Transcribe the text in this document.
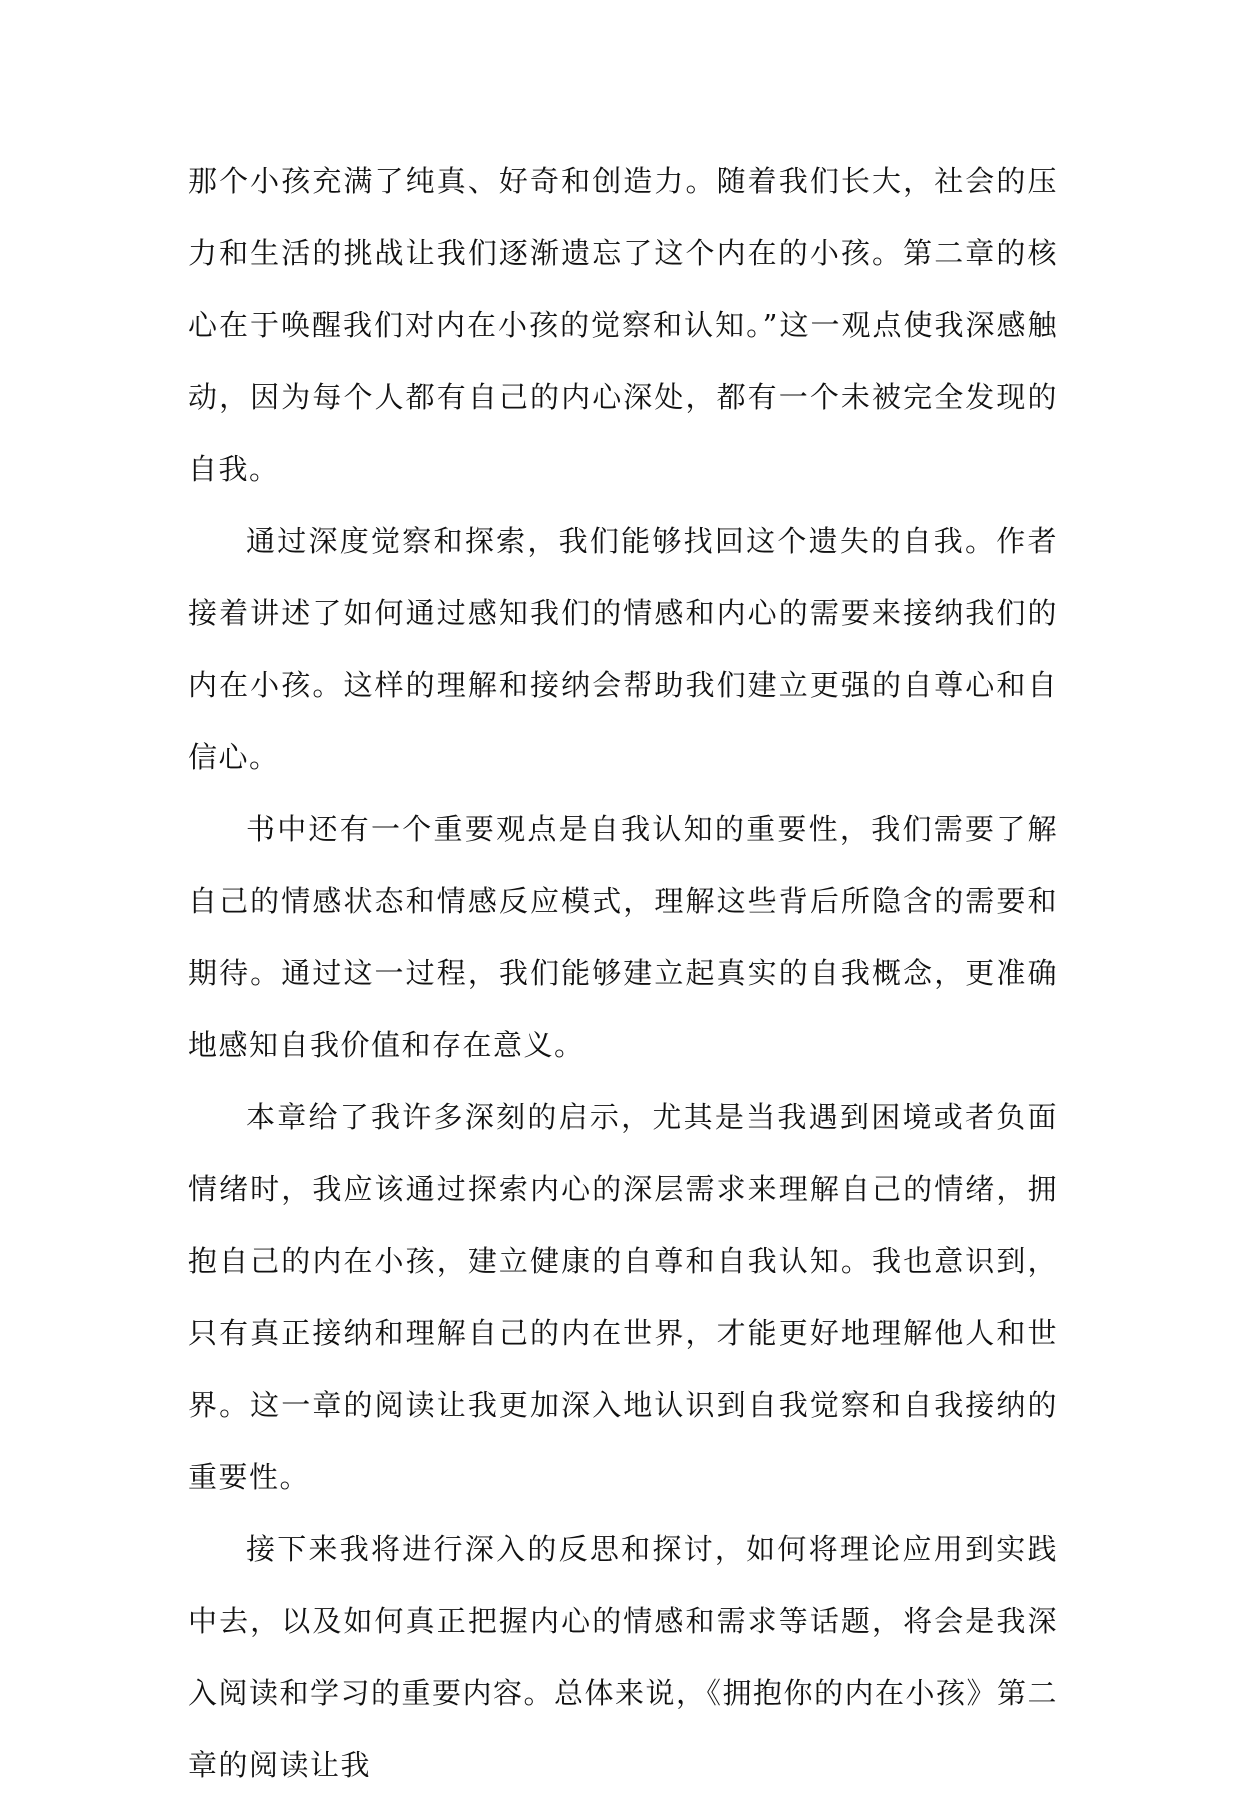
那个小孩充满了纯真、好奇和创造力。随着我们长大，社会的压力和生活的挑战让我们逐渐遗忘了这个内在的小孩。第二章的核心在于唤醒我们对内在小孩的觉察和认知。”这一观点使我深感触动，因为每个人都有自己的内心深处，都有一个未被完全发现的自我。

通过深度觉察和探索，我们能够找回这个遗失的自我。作者接着讲述了如何通过感知我们的情感和内心的需要来接纳我们的内在小孩。这样的理解和接纳会帮助我们建立更强的自尊心和自信心。

书中还有一个重要观点是自我认知的重要性，我们需要了解自己的情感状态和情感反应模式，理解这些背后所隐含的需要和期待。通过这一过程，我们能够建立起真实的自我概念，更准确地感知自我价值和存在意义。

本章给了我许多深刻的启示，尤其是当我遇到困境或者负面情绪时，我应该通过探索内心的深层需求来理解自己的情绪，拥抱自己的内在小孩，建立健康的自尊和自我认知。我也意识到，只有真正接纳和理解自己的内在世界，才能更好地理解他人和世界。这一章的阅读让我更加深入地认识到自我觉察和自我接纳的重要性。

接下来我将进行深入的反思和探讨，如何将理论应用到实践中去，以及如何真正把握内心的情感和需求等话题，将会是我深入阅读和学习的重要内容。总体来说，《拥抱你的内在小孩》第二章的阅读让我
